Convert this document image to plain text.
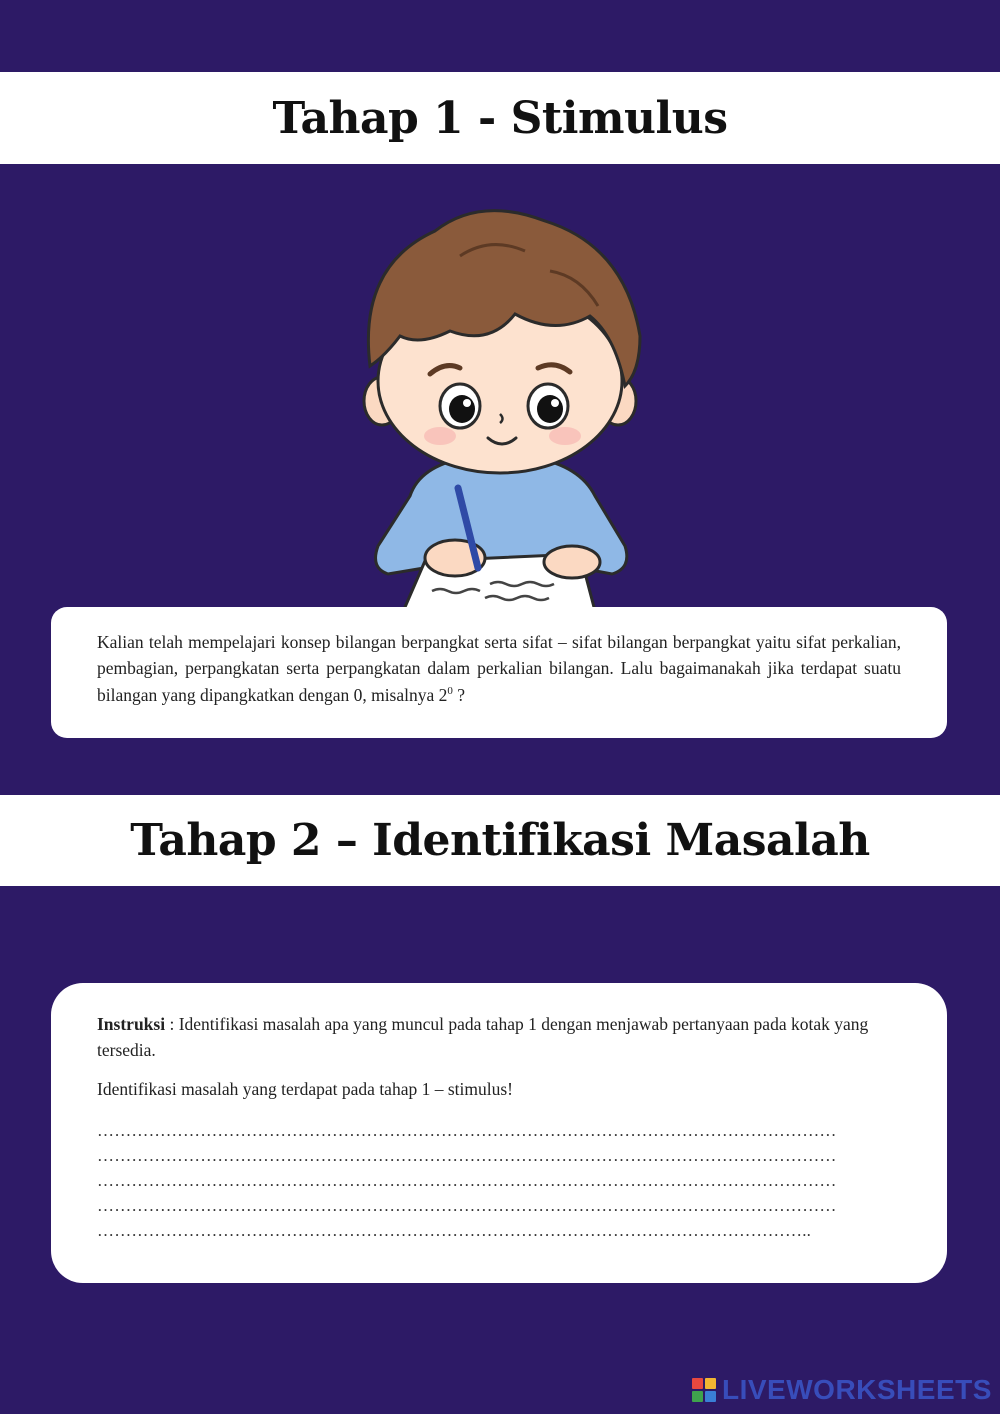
Tahap 1 - Stimulus

Kalian telah mempelajari konsep bilangan berpangkat serta sifat – sifat bilangan berpangkat yaitu sifat perkalian, pembagian, perpangkatan serta perpangkatan dalam perkalian bilangan. Lalu bagaimanakah jika terdapat suatu bilangan yang dipangkatkan dengan 0, misalnya $2^0$ ?

Tahap 2 – Identifikasi Masalah

Instruksi : Identifikasi masalah apa yang muncul pada tahap 1 dengan menjawab pertanyaan pada kotak yang tersedia.

Identifikasi masalah yang terdapat pada tahap 1 – stimulus!

…………………………………………………………………………………………………………………
…………………………………………………………………………………………………………………
…………………………………………………………………………………………………………………
…………………………………………………………………………………………………………………
……………………………………………………………………………………………………………..
LIVEWORKSHEETS
